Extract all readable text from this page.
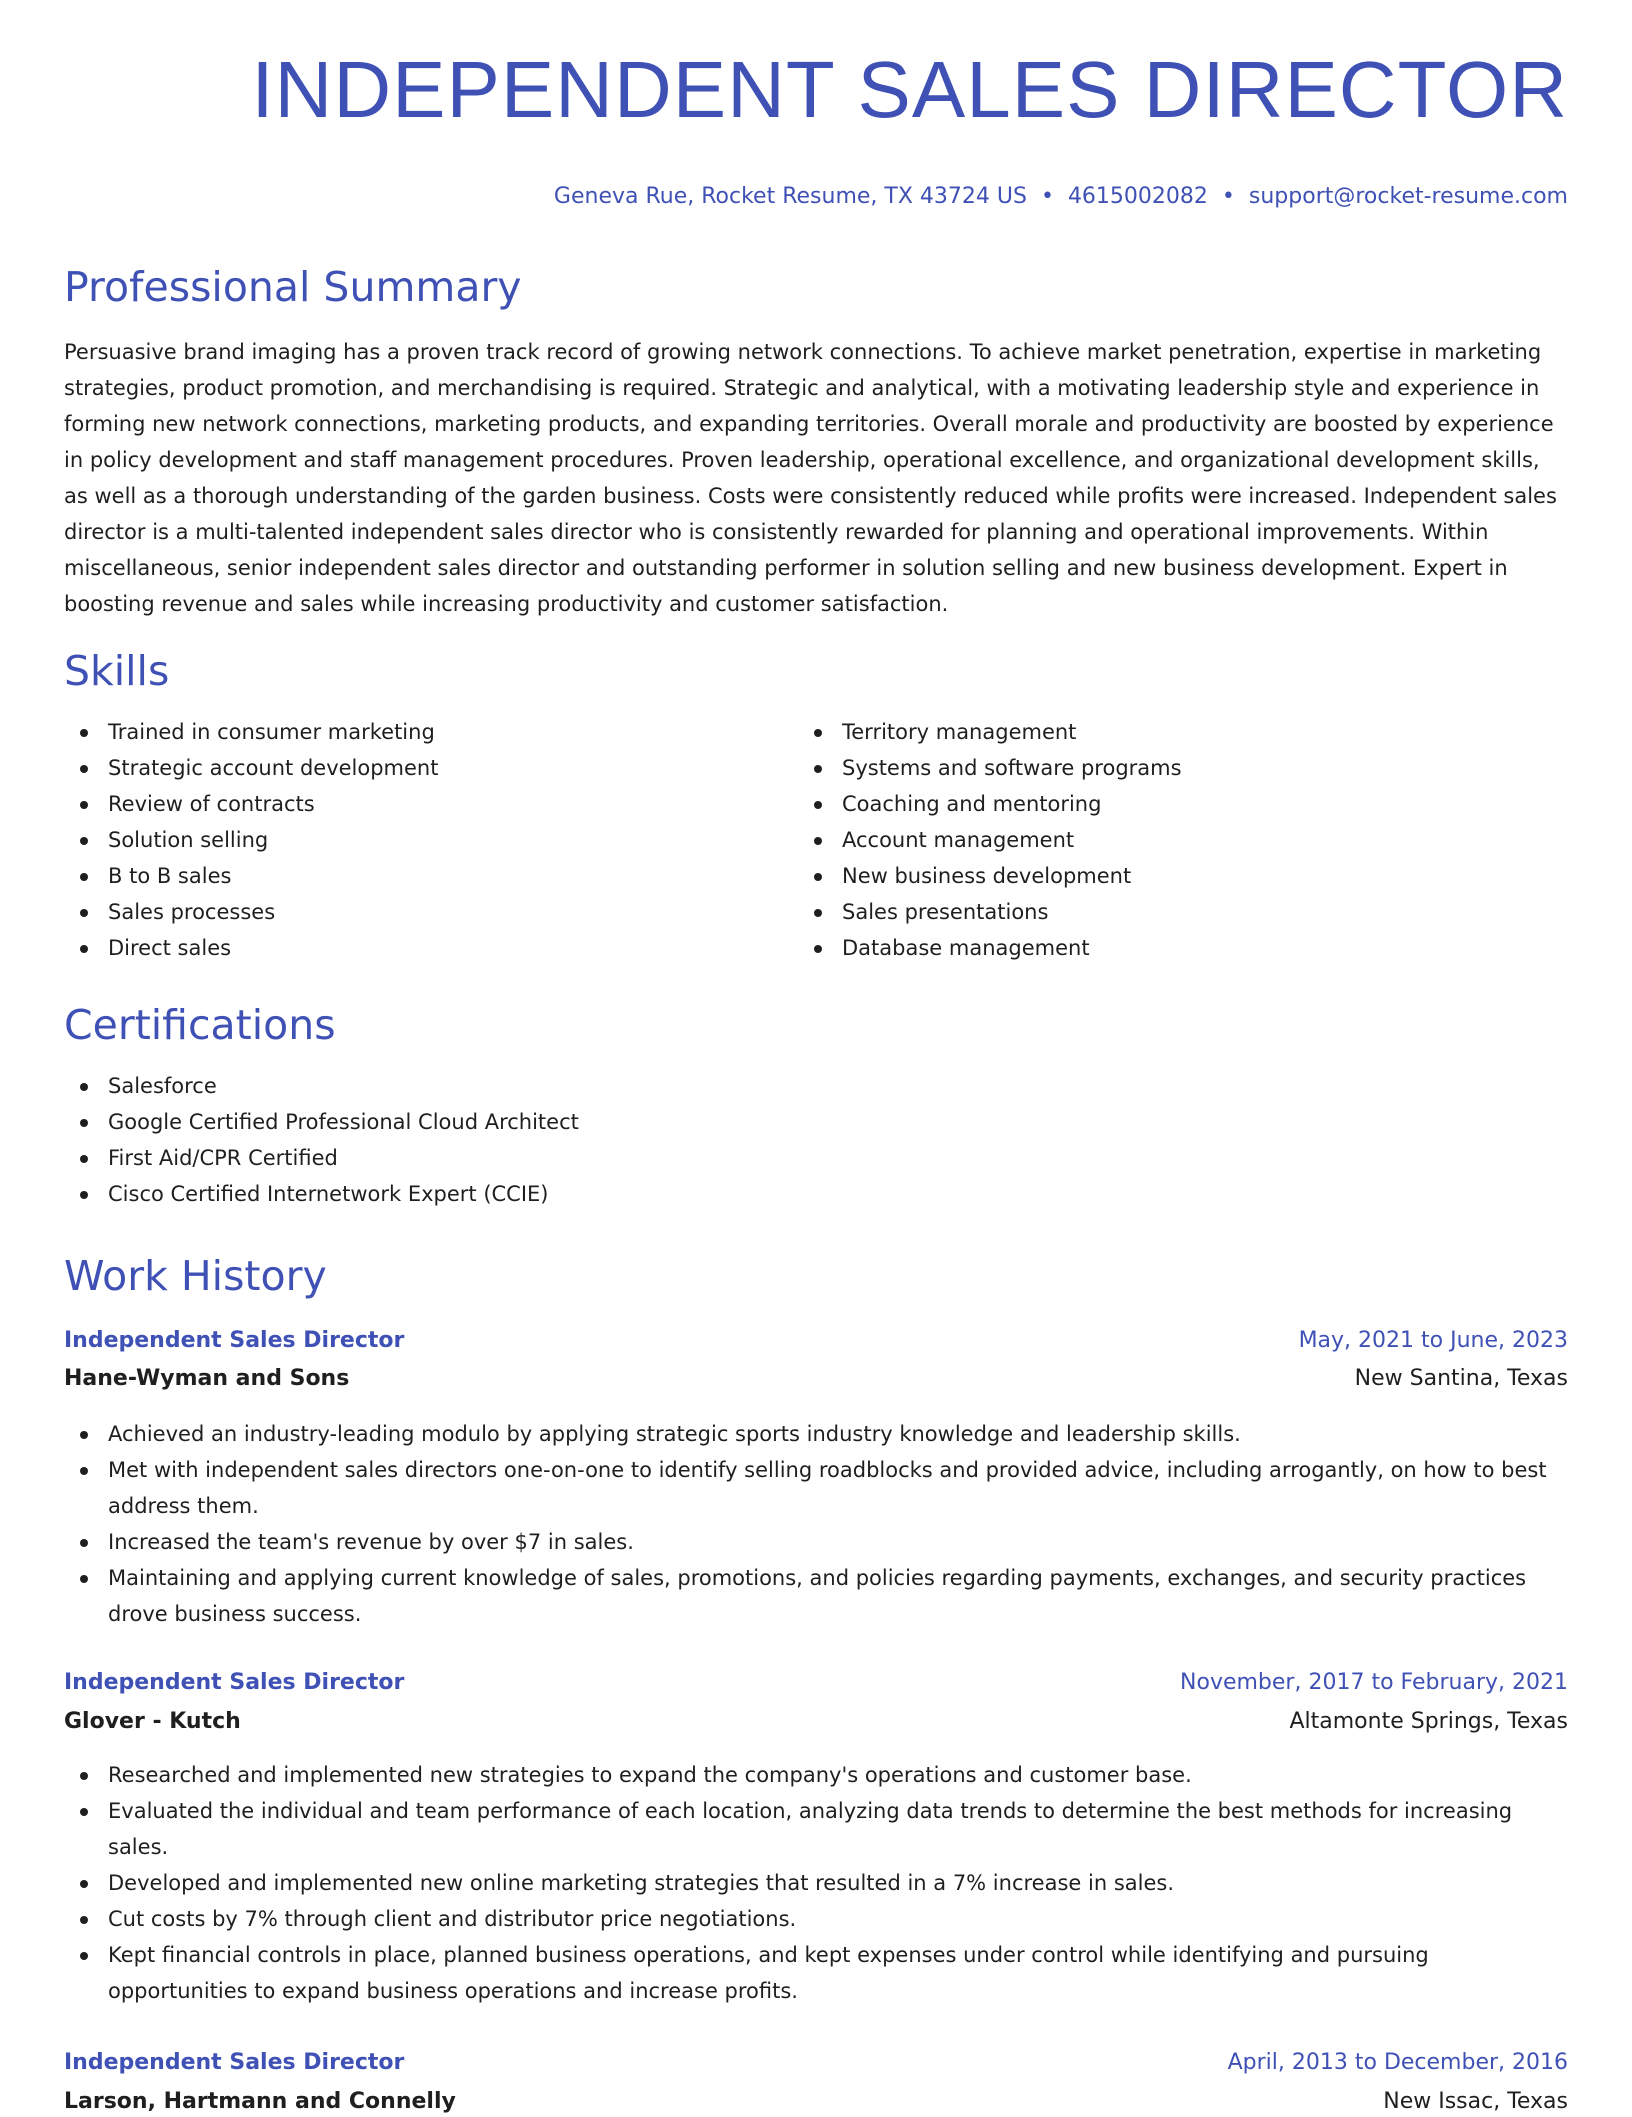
INDEPENDENT SALES DIRECTOR
Geneva Rue, Rocket Resume, TX 43724 US • 4615002082 • support@rocket-resume.com
Professional Summary

Persuasive brand imaging has a proven track record of growing network connections. To achieve market penetration, expertise in marketing strategies, product promotion, and merchandising is required. Strategic and analytical, with a motivating leadership style and experience in forming new network connections, marketing products, and expanding territories. Overall morale and productivity are boosted by experience in policy development and staff management procedures. Proven leadership, operational excellence, and organizational development skills, as well as a thorough understanding of the garden business. Costs were consistently reduced while profits were increased. Independent sales director is a multi-talented independent sales director who is consistently rewarded for planning and operational improvements. Within miscellaneous, senior independent sales director and outstanding performer in solution selling and new business development. Expert in boosting revenue and sales while increasing productivity and customer satisfaction.

Skills
Trained in consumer marketing
Strategic account development
Review of contracts
Solution selling
B to B sales
Sales processes
Direct sales
Territory management
Systems and software programs
Coaching and mentoring
Account management
New business development
Sales presentations
Database management
Certifications
Salesforce
Google Certified Professional Cloud Architect
First Aid/CPR Certified
Cisco Certified Internetwork Expert (CCIE)
Work History
Independent Sales Director	May, 2021 to June, 2023
Hane-Wyman and Sons	New Santina, Texas
Achieved an industry-leading modulo by applying strategic sports industry knowledge and leadership skills.
Met with independent sales directors one-on-one to identify selling roadblocks and provided advice, including arrogantly, on how to best address them.
Increased the team's revenue by over $7 in sales.
Maintaining and applying current knowledge of sales, promotions, and policies regarding payments, exchanges, and security practices drove business success.
Independent Sales Director	November, 2017 to February, 2021
Glover - Kutch	Altamonte Springs, Texas
Researched and implemented new strategies to expand the company's operations and customer base.
Evaluated the individual and team performance of each location, analyzing data trends to determine the best methods for increasing sales.
Developed and implemented new online marketing strategies that resulted in a 7% increase in sales.
Cut costs by 7% through client and distributor price negotiations.
Kept financial controls in place, planned business operations, and kept expenses under control while identifying and pursuing opportunities to expand business operations and increase profits.
Independent Sales Director	April, 2013 to December, 2016
Larson, Hartmann and Connelly	New Issac, Texas
